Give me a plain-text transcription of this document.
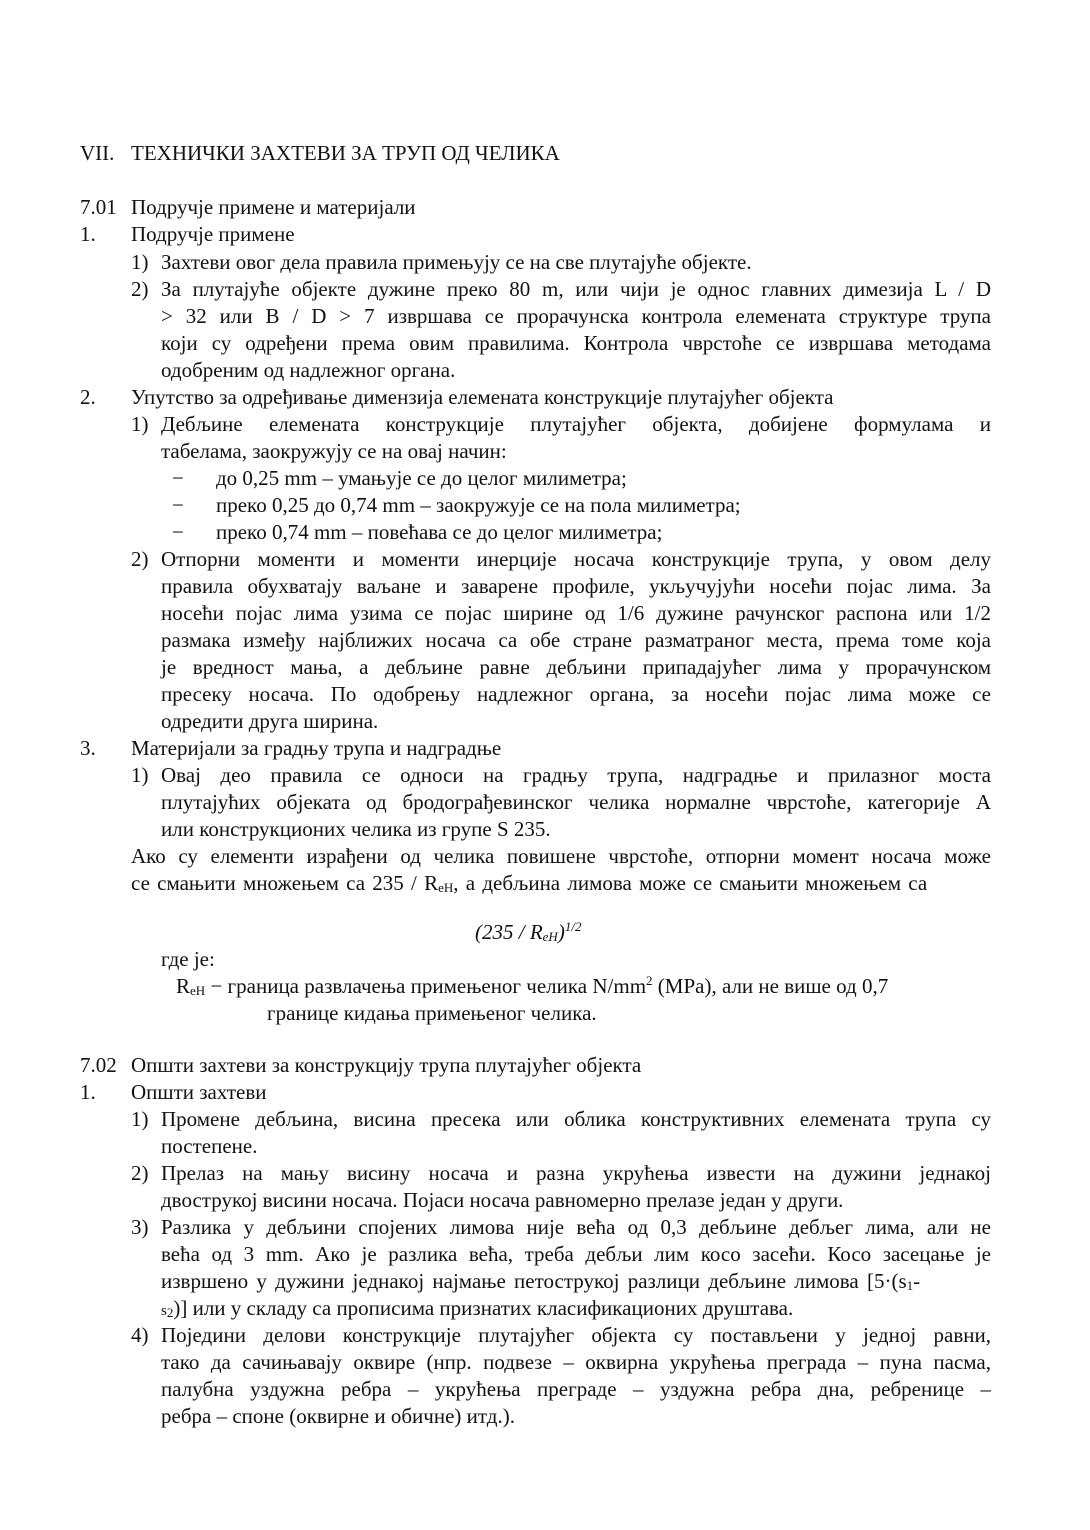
VII. ТЕХНИЧКИ ЗАХТЕВИ ЗА ТРУП ОД ЧЕЛИКА
7.01 Подручје примене и материјали
1. Подручје примене
1) Захтеви овог дела правила примењују се на све плутајуће објекте.
2) За плутајуће објекте дужине преко 80 m, или чији је однос главних димезија L / D
> 32 или B / D > 7 извршава се прорачунска контрола елемената структуре трупа
који су одређени према овим правилима. Контрола чврстоће се извршава методама
одобреним од надлежног органа.
2. Упутство за одређивање димензија елемената конструкције плутајућег објекта
1) Дебљине елемената конструкције плутајућег објекта, добијене формулама и
табелама, заокружују се на овај начин:
− до 0,25 mm – умањује се до целог милиметра;
− преко 0,25 до 0,74 mm – заокружује се на пола милиметра;
− преко 0,74 mm – повећава се до целог милиметра;
2) Отпорни моменти и моменти инерције носача конструкције трупа, у овом делу
правила обухватају ваљане и заварене профиле, укључујући носећи појас лима. За
носећи појас лима узима се појас ширине од 1/6 дужине рачунског распона или 1/2
размака између најближих носача са обе стране разматраног места, према томе која
је вредност мања, а дебљине равне дебљини припадајућег лима у прорачунском
пресеку носача. По одобрењу надлежног органа, за носећи појас лима може се
одредити друга ширина.
3. Материјали за градњу трупа и надградње
1) Овај део правила се односи на градњу трупа, надградње и прилазног моста
плутајућих објеката од бродограђевинског челика нормалне чврстоће, категорије A
или конструкционих челика из групе S 235.
Ако су елементи израђени од челика повишене чврстоће, отпорни момент носача може
се смањити множењем са $235 / R_{eH}$, а дебљина лимова може се смањити множењем са
$(235 / R_{eH})^{1/2}$
где је:
$R_{eH}$ − граница развлачења примењеног челика $N/mm^2$ (MPa), али не више од 0,7
границе кидања примењеног челика.
7.02 Општи захтеви за конструкцију трупа плутајућег објекта
1. Општи захтеви
1) Промене дебљина, висина пресека или облика конструктивних елемената трупа су
постепене.
2) Прелаз на мању висину носача и разна укрућења извести на дужини једнакој
двострукој висини носача. Појаси носача равномерно прелазе један у други.
3) Разлика у дебљини спојених лимова није већа од 0,3 дебљине дебљег лима, али не
већа од 3 mm. Ако је разлика већа, треба дебљи лим косо засећи. Косо засецање је
извршено у дужини једнакој најмање петострукој разлици дебљине лимова [$5\cdot(s_1-$
$s_2$)] или у складу са прописима признатих класификационих друштава.
4) Поједини делови конструкције плутајућег објекта су постављени у једној равни,
тако да сачињавају оквире (нпр. подвезе – оквирна укрућења преграда – пуна пасма,
палубна уздужна ребра – укрућења преграде – уздужна ребра дна, ребренице –
ребра – споне (оквирне и обичне) итд.).
